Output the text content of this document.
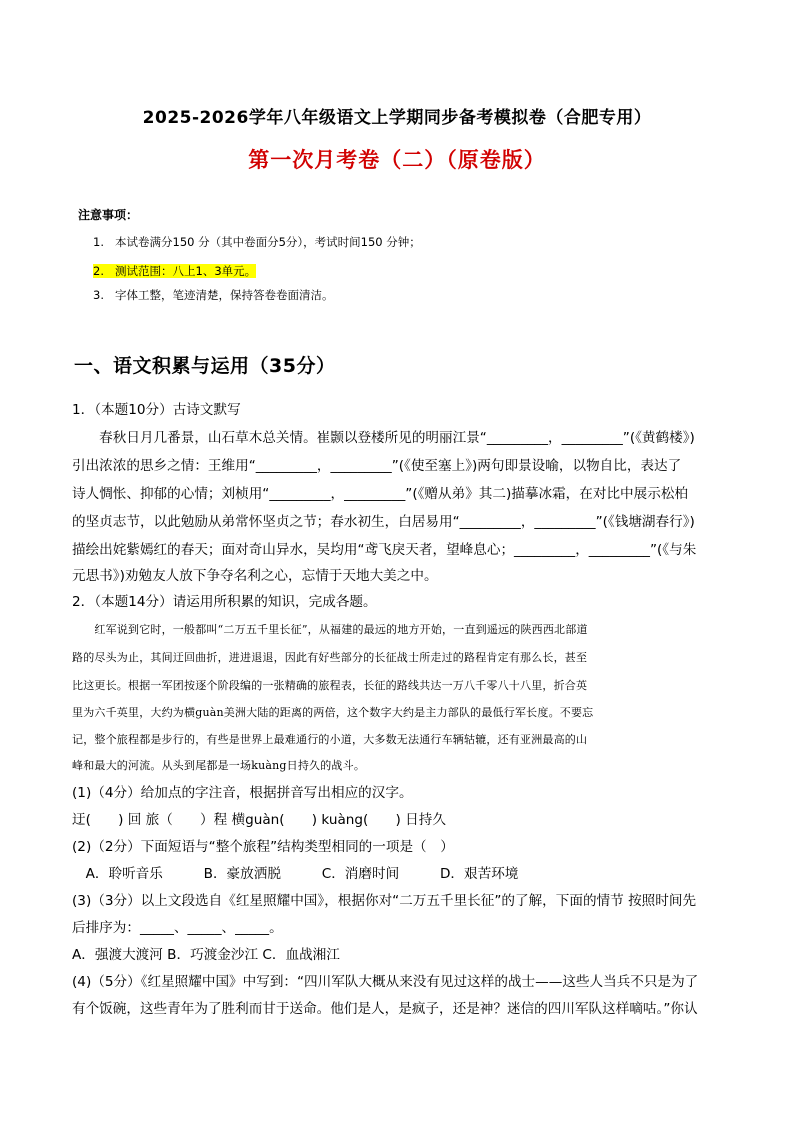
2025-2026学年八年级语文上学期同步备考模拟卷（合肥专用）
第一次月考卷（二）（原卷版）
注意事项：
1. 本试卷满分150 分（其中卷面分5分），考试时间150 分钟；
2. 测试范围：八上1、3单元。
3. 字体工整，笔迹清楚，保持答卷卷面清洁。
一、语文积累与运用（35分）
1．（本题10分）古诗文默写
　　春秋日月几番景，山石草木总关情。崔颢以登楼所见的明丽江景“_________，_________”(《黄鹤楼》)
引出浓浓的思乡之情：王维用“_________，_________”(《使至塞上》)两句即景设喻，以物自比，表达了
诗人惆怅、抑郁的心情；刘桢用“_________，_________”(《赠从弟》其二)描摹冰霜，在对比中展示松柏
的坚贞志节，以此勉励从弟常怀坚贞之节；春水初生，白居易用“_________，_________”(《钱塘湖春行》)
描绘出姹紫嫣红的春天；面对奇山异水，吴均用“鸢飞戾天者，望峰息心；_________，_________”(《与朱
元思书》)劝勉友人放下争夺名利之心，忘情于天地大美之中。
2．（本题14分）请运用所积累的知识，完成各题。
　　红军说到它时，一般都叫“二万五千里长征”，从福建的最远的地方开始，一直到遥远的陕西西北部道
路的尽头为止，其间迂回曲折，进进退退，因此有好些部分的长征战士所走过的路程肯定有那么长，甚至
比这更长。根据一军团按逐个阶段编的一张精确的旅程表，长征的路线共达一万八千零八十八里，折合英
里为六千英里，大约为横guàn美洲大陆的距离的两倍，这个数字大约是主力部队的最低行军长度。不要忘
记，整个旅程都是步行的，有些是世界上最难通行的小道，大多数无法通行车辆轱辘，还有亚洲最高的山
峰和最大的河流。从头到尾都是一场kuàng日持久的战斗。
(1)（4分）给加点的字注音，根据拼音写出相应的汉字。
迂(　　) 回 旅（　　）程 横guàn(　　) kuàng(　　) 日持久
(2)（2分）下面短语与“整个旅程”结构类型相同的一项是（　）
　A．聆听音乐　　　B．豪放洒脱　　　C．消磨时间　　　D．艰苦环境
(3)（3分）以上文段选自《红星照耀中国》，根据你对“二万五千里长征”的了解，下面的情节 按照时间先
后排序为：_____、_____、_____。
A．强渡大渡河 B．巧渡金沙江 C．血战湘江
(4)（5分）《红星照耀中国》中写到：“四川军队大概从来没有见过这样的战士——这些人当兵不只是为了
有个饭碗，这些青年为了胜利而甘于送命。他们是人，是疯子，还是神？迷信的四川军队这样嘀咕。”你认
